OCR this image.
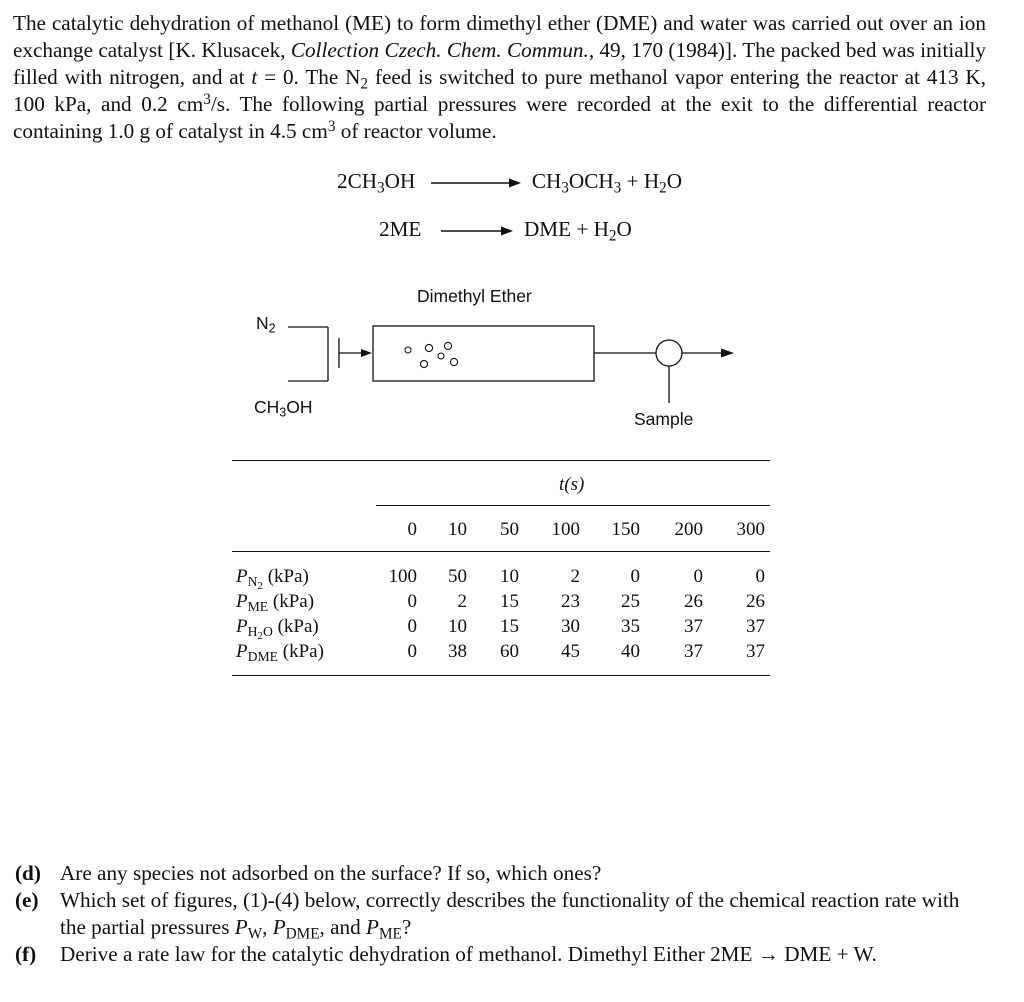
The catalytic dehydration of methanol (ME) to form dimethyl ether (DME) and water was carried out over an ion exchange catalyst [K. Klusacek, Collection Czech. Chem. Commun., 49, 170 (1984)]. The packed bed was initially filled with nitrogen, and at t = 0. The $N_2$ feed is switched to pure methanol vapor entering the reactor at 413 K, 100 kPa, and 0.2 $cm^3/s$. The following partial pressures were recorded at the exit to the differential reactor containing 1.0 g of catalyst in 4.5 $cm^3$ of reactor volume.

$2CH_3OH$	$CH_3OCH_3 + H_2O$
2ME → DME + $H_2O$
Dimethyl Ether
$N_2$
$CH_3OH$
Sample
t(s)
0 10 50 100 150 200 300
$P_{N_2}$ (kPa)	100 50 10	2	0	0	0
$P_{ME}$ (kPa)	0 2 15 23 25 26 26
$P_{H_2O}$ (kPa)	0 10 15 30 35 37 37
$P_{DME}$ (kPa)	0 38 60 45 40 37 37
(d) Are any species not adsorbed on the surface? If so, which ones?
(e) Which set of figures, (1)-(4) below, correctly describes the functionality of the chemical reaction rate with the partial pressures $P_W$, $P_{DME}$, and $P_{ME}$?
(f) Derive a rate law for the catalytic dehydration of methanol. Dimethyl Either 2ME → DME + W.
